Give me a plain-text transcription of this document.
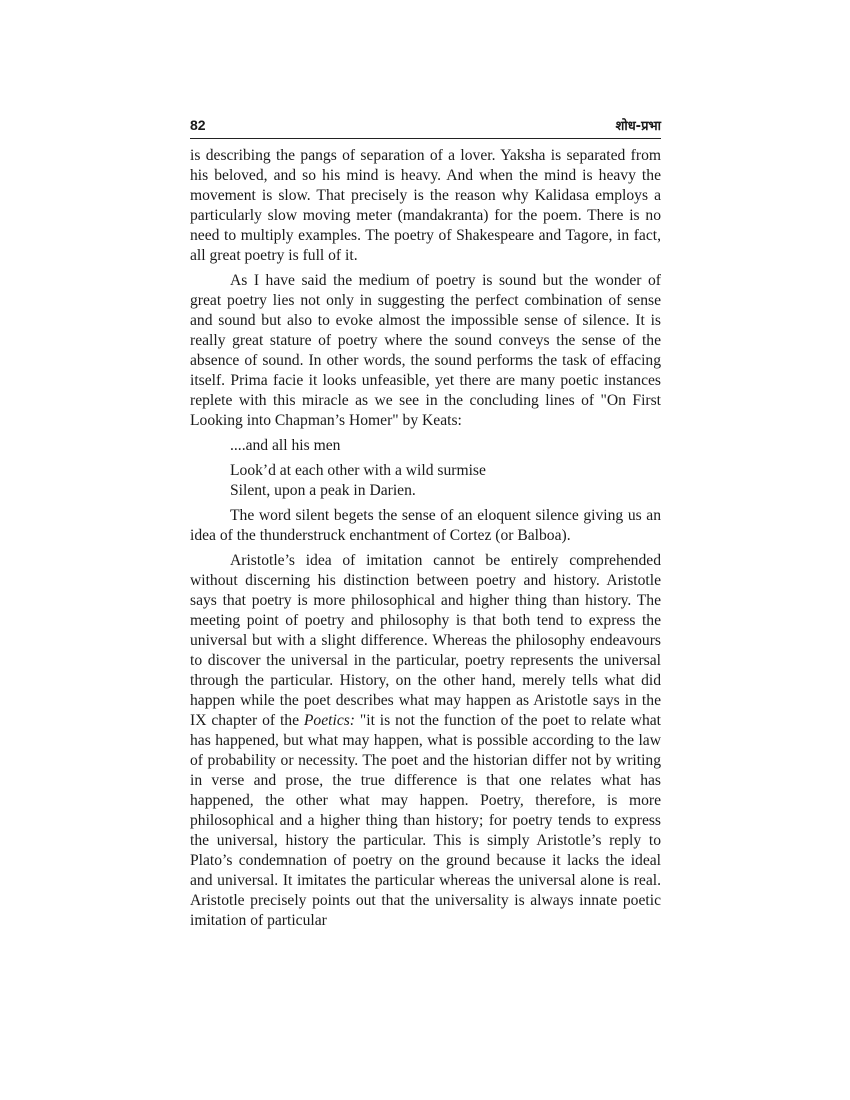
82	शोध-प्रभा

is describing the pangs of separation of a lover. Yaksha is separated from his beloved, and so his mind is heavy. And when the mind is heavy the movement is slow. That precisely is the reason why Kalidasa employs a particularly slow moving meter (mandakranta) for the poem. There is no need to multiply examples. The poetry of Shakespeare and Tagore, in fact, all great poetry is full of it.

As I have said the medium of poetry is sound but the wonder of great poetry lies not only in suggesting the perfect combination of sense and sound but also to evoke almost the impossible sense of silence. It is really great stature of poetry where the sound conveys the sense of the absence of sound. In other words, the sound performs the task of effacing itself. Prima facie it looks unfeasible, yet there are many poetic instances replete with this miracle as we see in the concluding lines of "On First Looking into Chapman’s Homer" by Keats:

....and all his men

Look’d at each other with a wild surmise

Silent, upon a peak in Darien.

The word silent begets the sense of an eloquent silence giving us an idea of the thunderstruck enchantment of Cortez (or Balboa).

Aristotle’s idea of imitation cannot be entirely comprehended without discerning his distinction between poetry and history. Aristotle says that poetry is more philosophical and higher thing than history. The meeting point of poetry and philosophy is that both tend to express the universal but with a slight difference. Whereas the philosophy endeavours to discover the universal in the particular, poetry represents the universal through the particular. History, on the other hand, merely tells what did happen while the poet describes what may happen as Aristotle says in the IX chapter of the Poetics: "it is not the function of the poet to relate what has happened, but what may happen, what is possible according to the law of probability or necessity. The poet and the historian differ not by writing in verse and prose, the true difference is that one relates what has happened, the other what may happen. Poetry, therefore, is more philosophical and a higher thing than history; for poetry tends to express the universal, history the particular. This is simply Aristotle’s reply to Plato’s condemnation of poetry on the ground because it lacks the ideal and universal. It imitates the particular whereas the universal alone is real. Aristotle precisely points out that the universality is always innate poetic imitation of particular
